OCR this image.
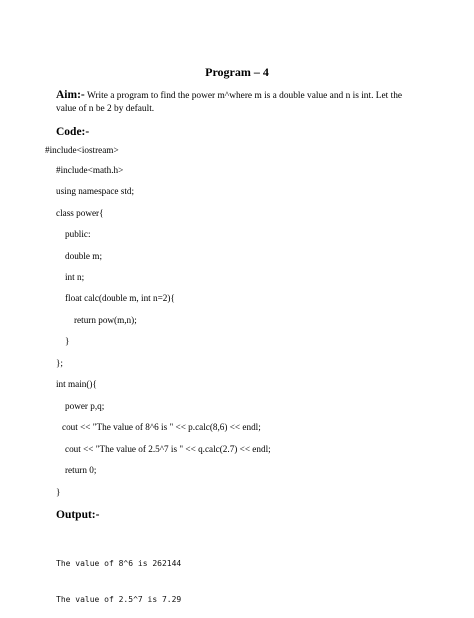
Program – 4
Aim:- Write a program to find the power m^where m is a double value and n is int. Let the value of n be 2 by default.
Code:-
#include<iostream>
#include<math.h>
using namespace std;
class power{
public:
double m;
int n;
float calc(double m, int n=2){
return pow(m,n);
}
};
int main(){
power p,q;
cout << "The value of 8^6 is " << p.calc(8,6) << endl;
cout << "The value of 2.5^7 is " << q.calc(2.7) << endl;
return 0;
}
Output:-

The value of 8^6 is 262144

The value of 2.5^7 is 7.29
